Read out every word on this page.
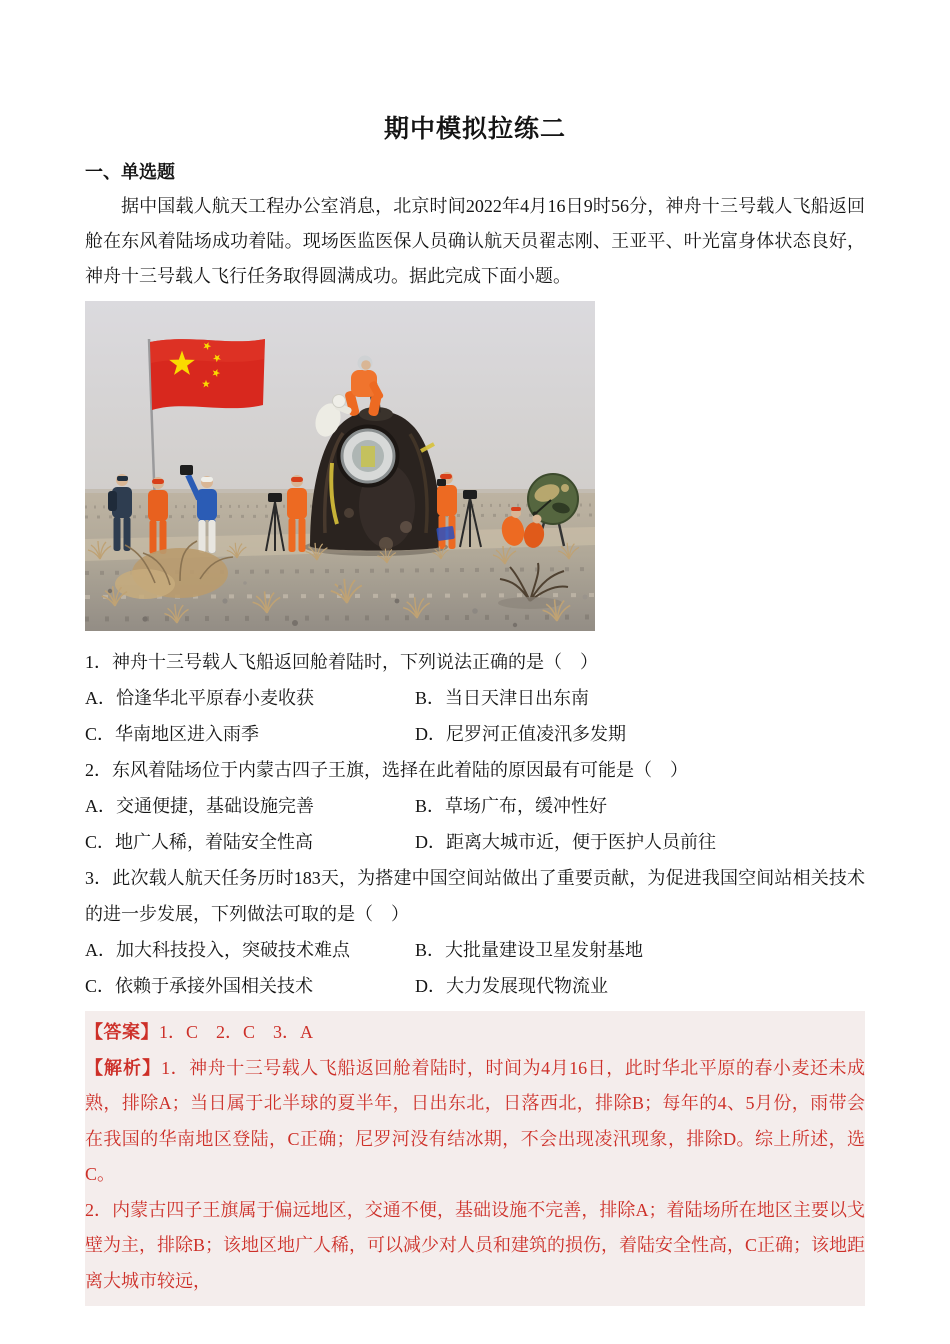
期中模拟拉练二
一、单选题

据中国载人航天工程办公室消息，北京时间2022年4月16日9时56分，神舟十三号载人飞船返回舱在东风着陆场成功着陆。现场医监医保人员确认航天员翟志刚、王亚平、叶光富身体状态良好，神舟十三号载人飞行任务取得圆满成功。据此完成下面小题。

1．神舟十三号载人飞船返回舱着陆时，下列说法正确的是（　）

A．恰逢华北平原春小麦收获	B．当日天津日出东南
C．华南地区进入雨季	D．尼罗河正值凌汛多发期

2．东风着陆场位于内蒙古四子王旗，选择在此着陆的原因最有可能是（　）

A．交通便捷，基础设施完善	B．草场广布，缓冲性好
C．地广人稀，着陆安全性高	D．距离大城市近，便于医护人员前往

3．此次载人航天任务历时183天，为搭建中国空间站做出了重要贡献，为促进我国空间站相关技术的进一步发展，下列做法可取的是（　）

A．加大科技投入，突破技术难点	B．大批量建设卫星发射基地
C．依赖于承接外国相关技术	D．大力发展现代物流业

【答案】1．C　2．C　3．A

【解析】1．神舟十三号载人飞船返回舱着陆时，时间为4月16日，此时华北平原的春小麦还未成熟，排除A；当日属于北半球的夏半年，日出东北，日落西北，排除B；每年的4、5月份，雨带会在我国的华南地区登陆，C正确；尼罗河没有结冰期，不会出现凌汛现象，排除D。综上所述，选C。

2．内蒙古四子王旗属于偏远地区，交通不便，基础设施不完善，排除A；着陆场所在地区主要以戈壁为主，排除B；该地区地广人稀，可以减少对人员和建筑的损伤，着陆安全性高，C正确；该地距离大城市较远，
